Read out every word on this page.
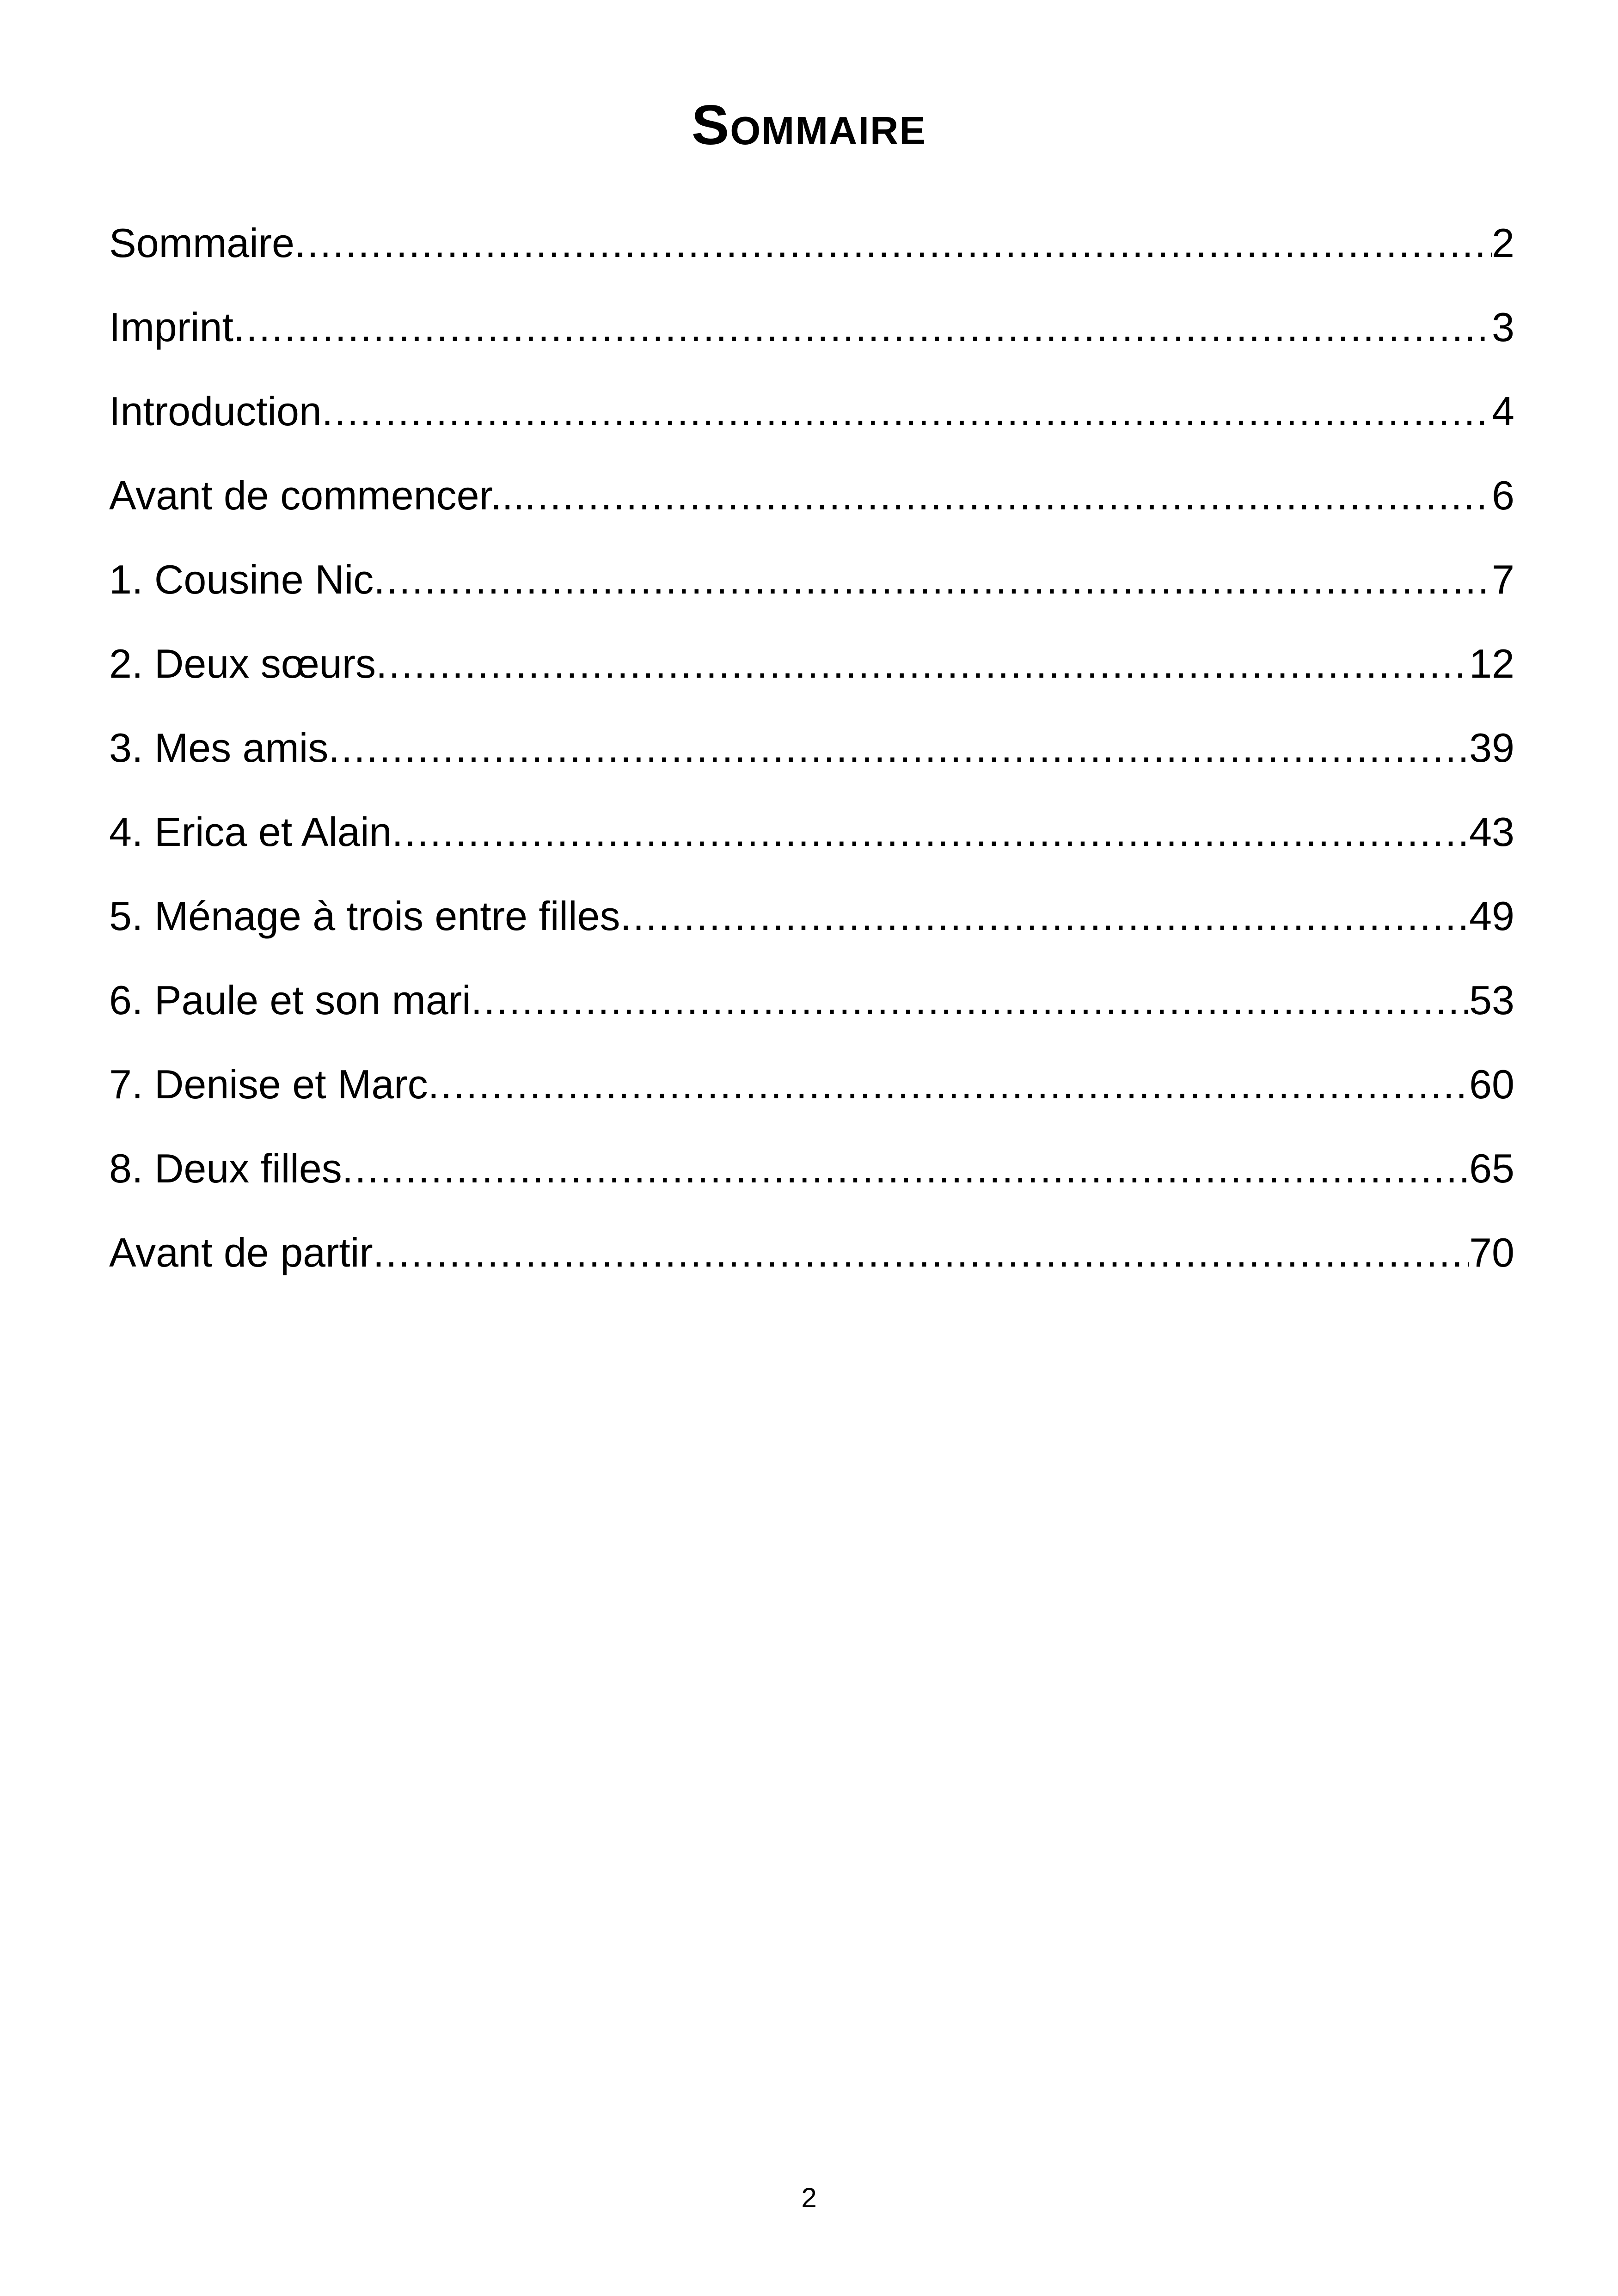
Sommaire
Sommaire .....	2
Imprint .....	3
Introduction .....	4
Avant de commencer... .....	6
1. Cousine Nic .....	7
2. Deux sœurs .....	12
3. Mes amis .....	39
4. Erica et Alain .....	43
5. Ménage à trois entre filles .....	49
6. Paule et son mari .....	53
7. Denise et Marc .....	60
8. Deux filles .....	65
Avant de partir .....	70
2
